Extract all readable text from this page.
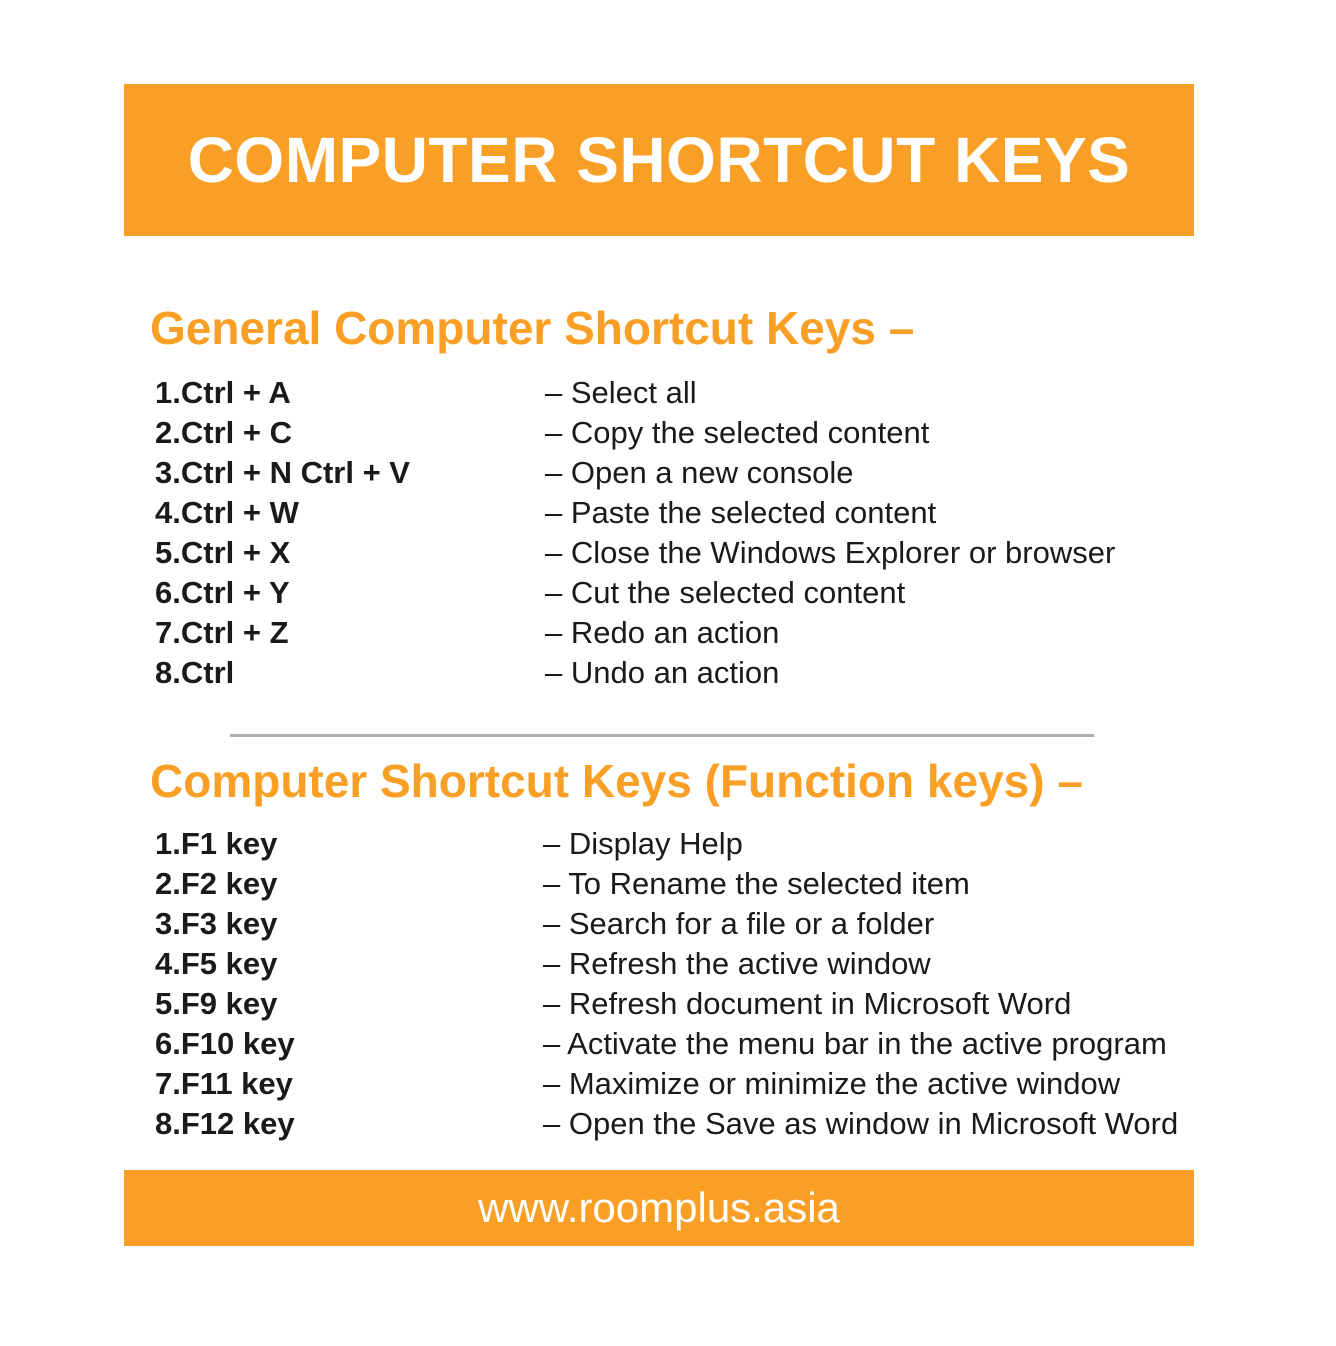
COMPUTER SHORTCUT KEYS
General Computer Shortcut Keys –
1.Ctrl + A	– Select all
2.Ctrl + C	– Copy the selected content
3.Ctrl + N Ctrl + V	– Open a new console
4.Ctrl + W	– Paste the selected content
5.Ctrl + X	– Close the Windows Explorer or browser
6.Ctrl + Y	– Cut the selected content
7.Ctrl + Z	– Redo an action
8.Ctrl	– Undo an action
Computer Shortcut Keys (Function keys) –
1.F1 key	– Display Help
2.F2 key	– To Rename the selected item
3.F3 key	– Search for a file or a folder
4.F5 key	– Refresh the active window
5.F9 key	– Refresh document in Microsoft Word
6.F10 key	– Activate the menu bar in the active program
7.F11 key	– Maximize or minimize the active window
8.F12 key	– Open the Save as window in Microsoft Word
www.roomplus.asia
